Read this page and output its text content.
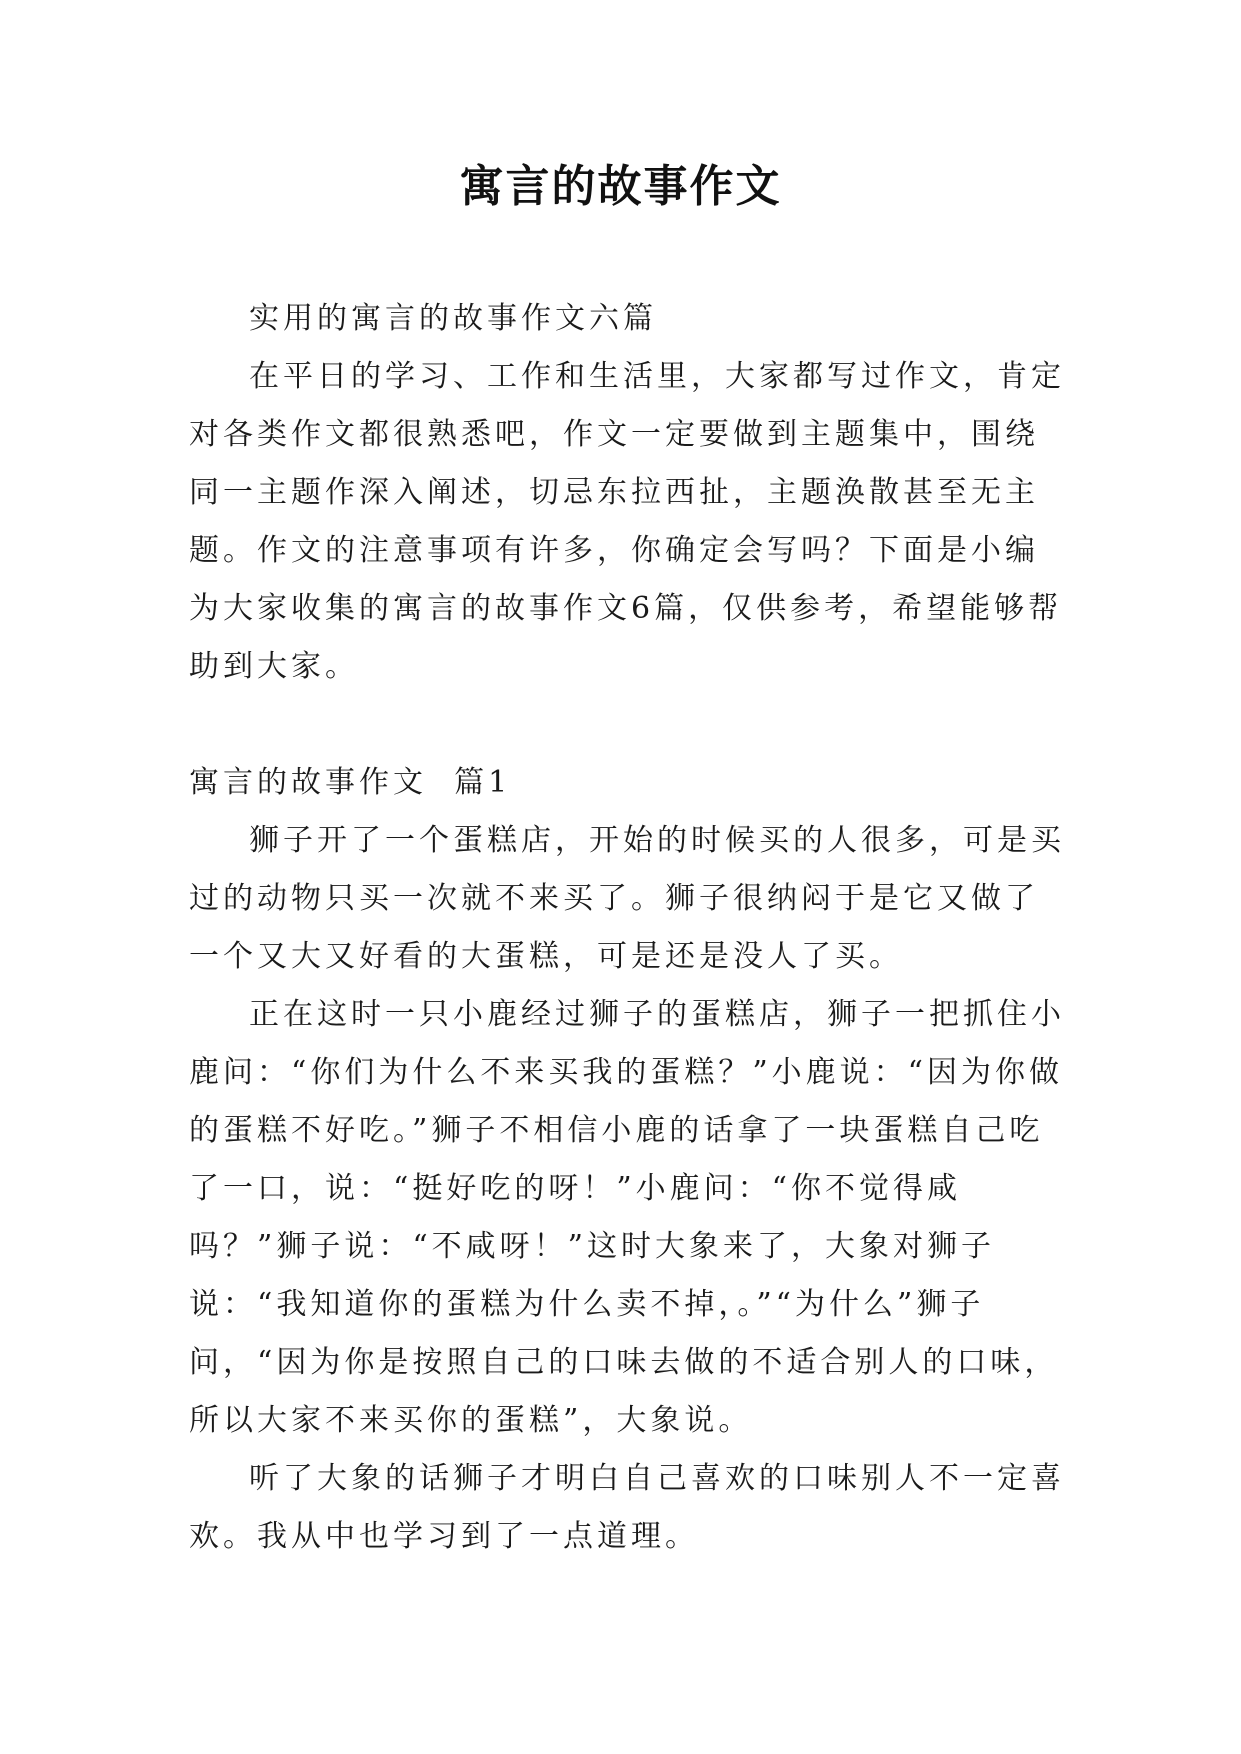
寓言的故事作文

实用的寓言的故事作文六篇

在平日的学习、工作和生活里，大家都写过作文，肯定对各类作文都很熟悉吧，作文一定要做到主题集中，围绕同一主题作深入阐述，切忌东拉西扯，主题涣散甚至无主题。作文的注意事项有许多，你确定会写吗？下面是小编为大家收集的寓言的故事作文6篇，仅供参考，希望能够帮助到大家。

寓言的故事作文  篇1

狮子开了一个蛋糕店，开始的时候买的人很多，可是买过的动物只买一次就不来买了。狮子很纳闷于是它又做了一个又大又好看的大蛋糕，可是还是没人了买。

正在这时一只小鹿经过狮子的蛋糕店，狮子一把抓住小鹿问：“你们为什么不来买我的蛋糕？”小鹿说：“因为你做的蛋糕不好吃。”狮子不相信小鹿的话拿了一块蛋糕自己吃了一口，说：“挺好吃的呀！”小鹿问：“你不觉得咸吗？”狮子说：“不咸呀！”这时大象来了，大象对狮子说：“我知道你的蛋糕为什么卖不掉，。”“为什么”狮子问，“因为你是按照自己的口味去做的不适合别人的口味，所以大家不来买你的蛋糕”，大象说。

听了大象的话狮子才明白自己喜欢的口味别人不一定喜欢。我从中也学习到了一点道理。
